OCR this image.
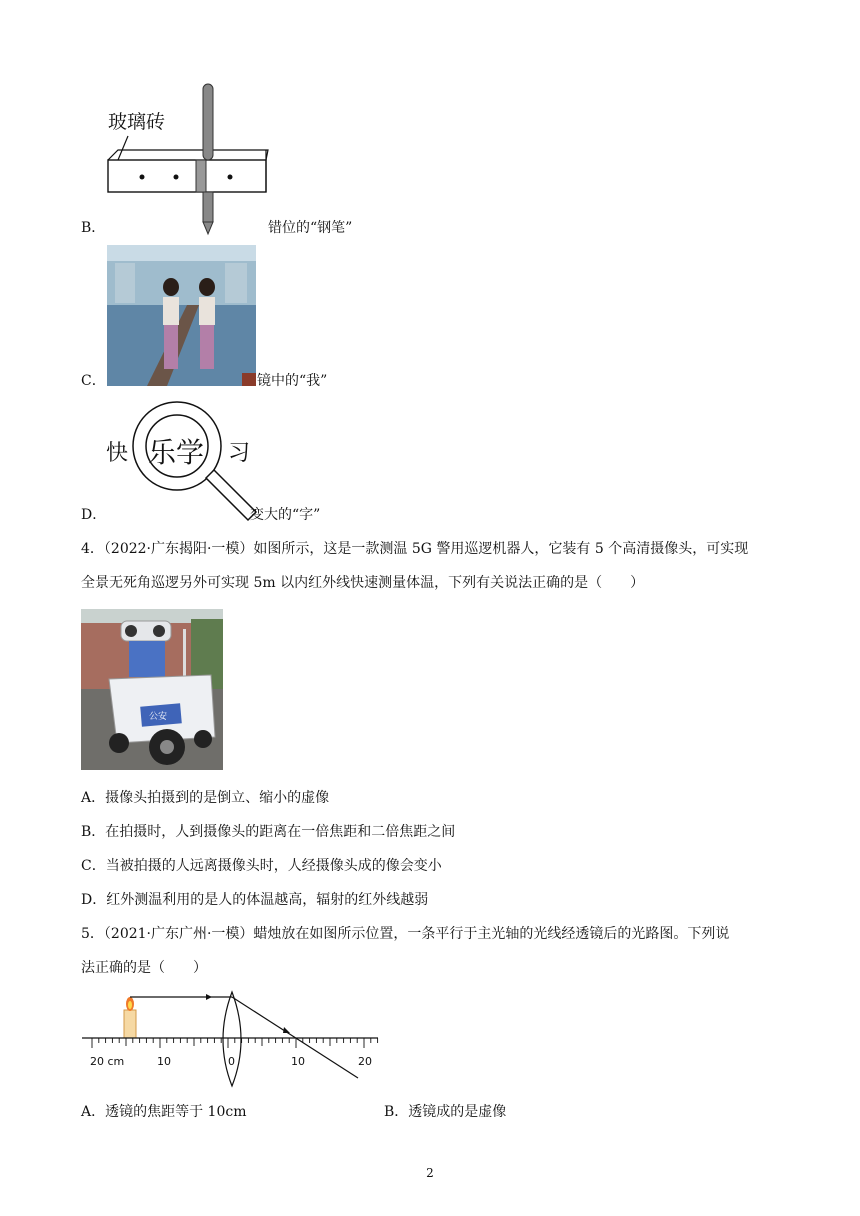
玻璃砖
B．	错位的“钢笔”
C．	镜中的“我”
快 乐学 习
D．	变大的“字”
4．（2022·广东揭阳·一模）如图所示，这是一款测温 5G 警用巡逻机器人，它装有 5 个高清摄像头，可实现
全景无死角巡逻另外可实现 5m 以内红外线快速测量体温，下列有关说法正确的是（　　）
公安
A．摄像头拍摄到的是倒立、缩小的虚像
B．在拍摄时，人到摄像头的距离在一倍焦距和二倍焦距之间
C．当被拍摄的人远离摄像头时，人经摄像头成的像会变小
D．红外测温利用的是人的体温越高，辐射的红外线越弱
5．（2021·广东广州·一模）蜡烛放在如图所示位置，一条平行于主光轴的光线经透镜后的光路图。下列说
法正确的是（　　）
20 cm	10	0	10	20
A．透镜的焦距等于 10cm	B．透镜成的是虚像
2
